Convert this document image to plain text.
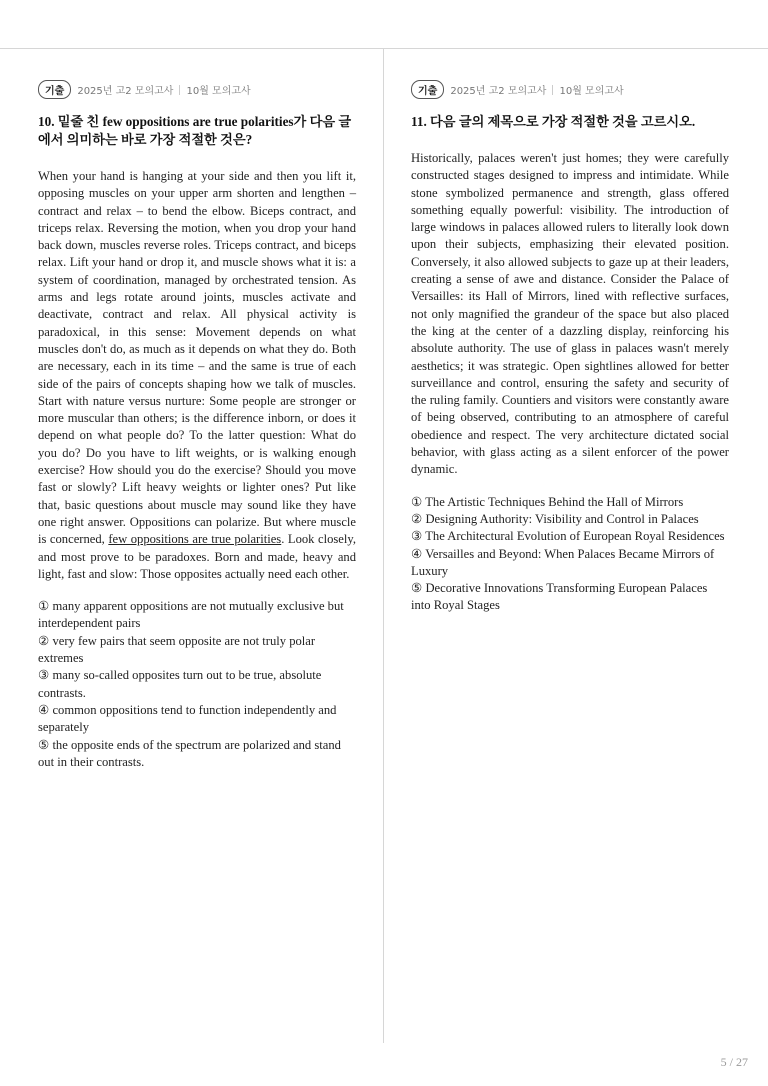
기출	2025년 고2 모의고사 10월 모의고사

10. 밑줄 친 few oppositions are true polarities가 다음 글에서 의미하는 바로 가장 적절한 것은?

When your hand is hanging at your side and then you lift it, opposing muscles on your upper arm shorten and lengthen – contract and relax – to bend the elbow. Biceps contract, and triceps relax. Reversing the motion, when you drop your hand back down, muscles reverse roles. Triceps contract, and biceps relax. Lift your hand or drop it, and muscle shows what it is: a system of coordination, managed by orchestrated tension. As arms and legs rotate around joints, muscles activate and deactivate, contract and relax. All physical activity is paradoxical, in this sense: Movement depends on what muscles don't do, as much as it depends on what they do. Both are necessary, each in its time – and the same is true of each side of the pairs of concepts shaping how we talk of muscles. Start with nature versus nurture: Some people are stronger or more muscular than others; is the difference inborn, or does it depend on what people do? To the latter question: What do you do? Do you have to lift weights, or is walking enough exercise? How should you do the exercise? Should you move fast or slowly? Lift heavy weights or lighter ones? Put like that, basic questions about muscle may sound like they have one right answer. Oppositions can polarize. But where muscle is concerned, few oppositions are true polarities. Look closely, and most prove to be paradoxes. Born and made, heavy and light, fast and slow: Those opposites actually need each other.

① many apparent oppositions are not mutually exclusive but interdependent pairs

② very few pairs that seem opposite are not truly polar extremes

③ many so-called opposites turn out to be true, absolute contrasts.

④ common oppositions tend to function independently and separately

⑤ the opposite ends of the spectrum are polarized and stand out in their contrasts.

기출	2025년 고2 모의고사 10월 모의고사

11. 다음 글의 제목으로 가장 적절한 것을 고르시오.

Historically, palaces weren't just homes; they were carefully constructed stages designed to impress and intimidate. While stone symbolized permanence and strength, glass offered something equally powerful: visibility. The introduction of large windows in palaces allowed rulers to literally look down upon their subjects, emphasizing their elevated position. Conversely, it also allowed subjects to gaze up at their leaders, creating a sense of awe and distance. Consider the Palace of Versailles: its Hall of Mirrors, lined with reflective surfaces, not only magnified the grandeur of the space but also placed the king at the center of a dazzling display, reinforcing his absolute authority. The use of glass in palaces wasn't merely aesthetics; it was strategic. Open sightlines allowed for better surveillance and control, ensuring the safety and security of the ruling family. Countiers and visitors were constantly aware of being observed, contributing to an atmosphere of careful obedience and respect. The very architecture dictated social behavior, with glass acting as a silent enforcer of the power dynamic.

① The Artistic Techniques Behind the Hall of Mirrors

② Designing Authority: Visibility and Control in Palaces

③ The Architectural Evolution of European Royal Residences

④ Versailles and Beyond: When Palaces Became Mirrors of Luxury

⑤ Decorative Innovations Transforming European Palaces into Royal Stages

5 / 27
